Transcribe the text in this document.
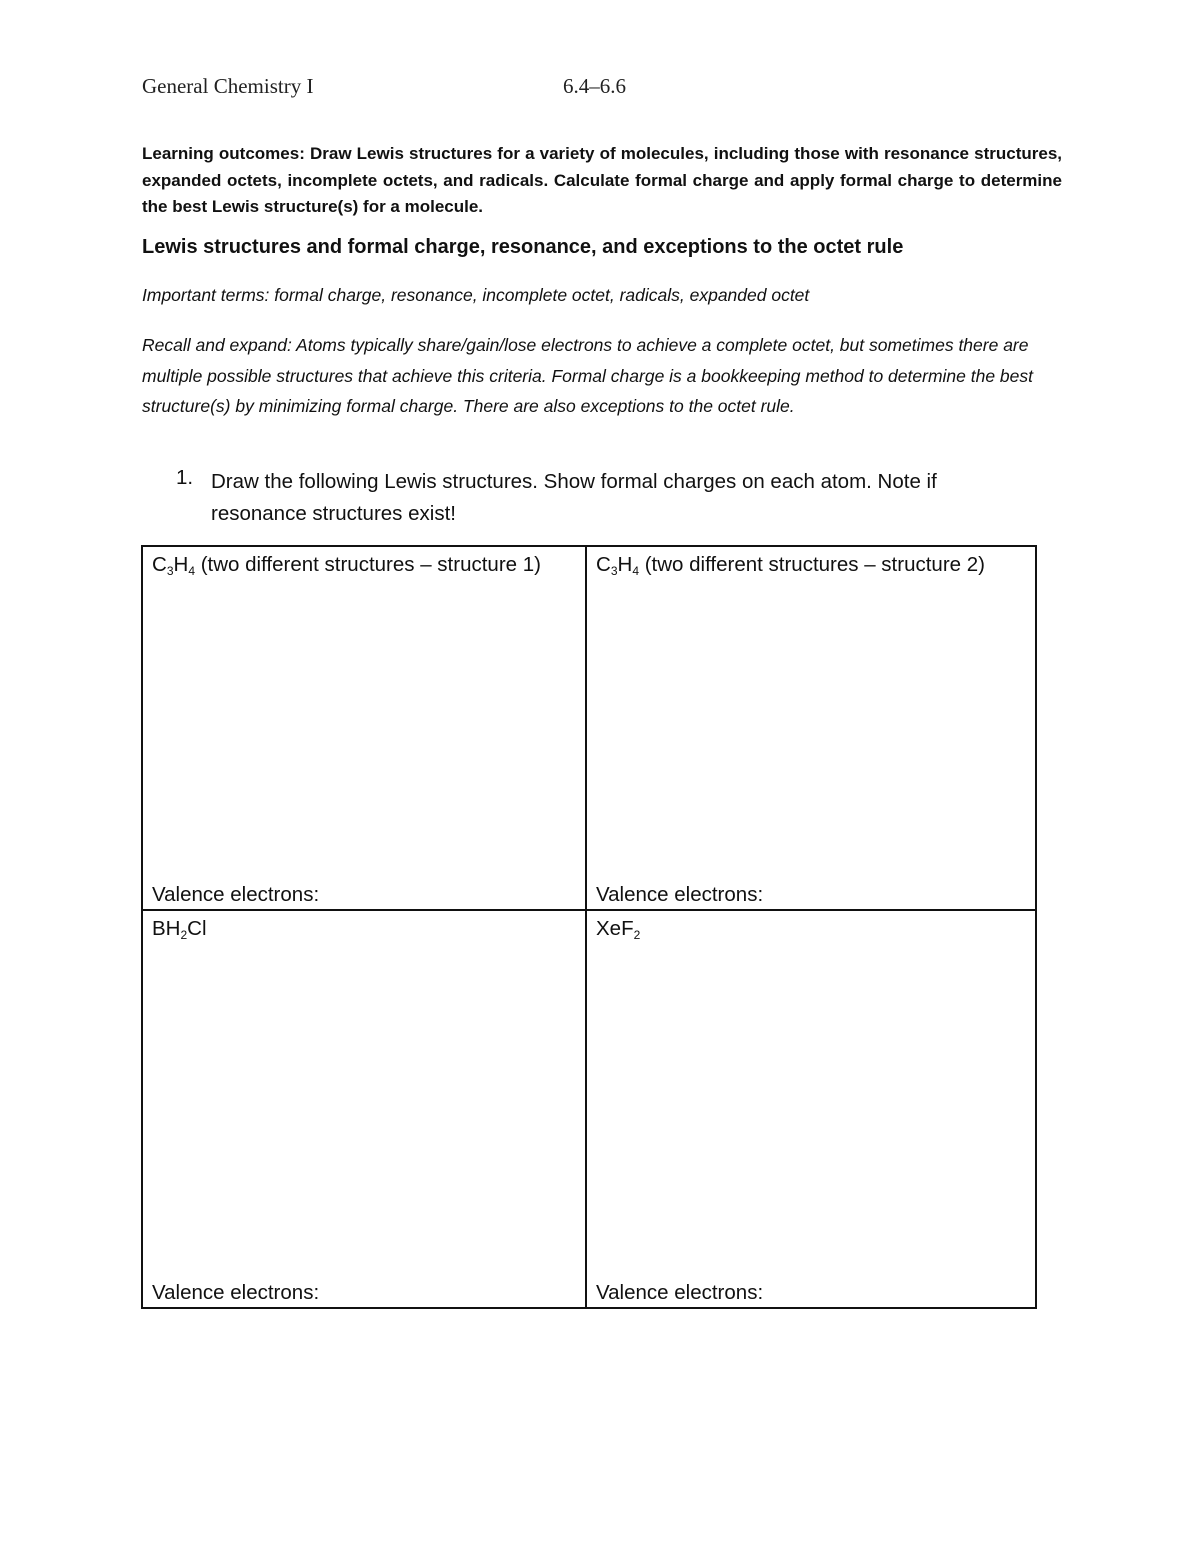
General Chemistry I	6.4–6.6
Learning outcomes: Draw Lewis structures for a variety of molecules, including those with resonance structures, expanded octets, incomplete octets, and radicals. Calculate formal charge and apply formal charge to determine the best Lewis structure(s) for a molecule.
Lewis structures and formal charge, resonance, and exceptions to the octet rule
Important terms: formal charge, resonance, incomplete octet, radicals, expanded octet
Recall and expand: Atoms typically share/gain/lose electrons to achieve a complete octet, but sometimes there are multiple possible structures that achieve this criteria. Formal charge is a bookkeeping method to determine the best structure(s) by minimizing formal charge. There are also exceptions to the octet rule.
1. Draw the following Lewis structures. Show formal charges on each atom. Note if resonance structures exist!
$C_3H_4$ (two different structures – structure 1)
Valence electrons:
$C_3H_4$ (two different structures – structure 2)
Valence electrons:
$BH_2Cl$
Valence electrons:
XeF$_2$
Valence electrons:
